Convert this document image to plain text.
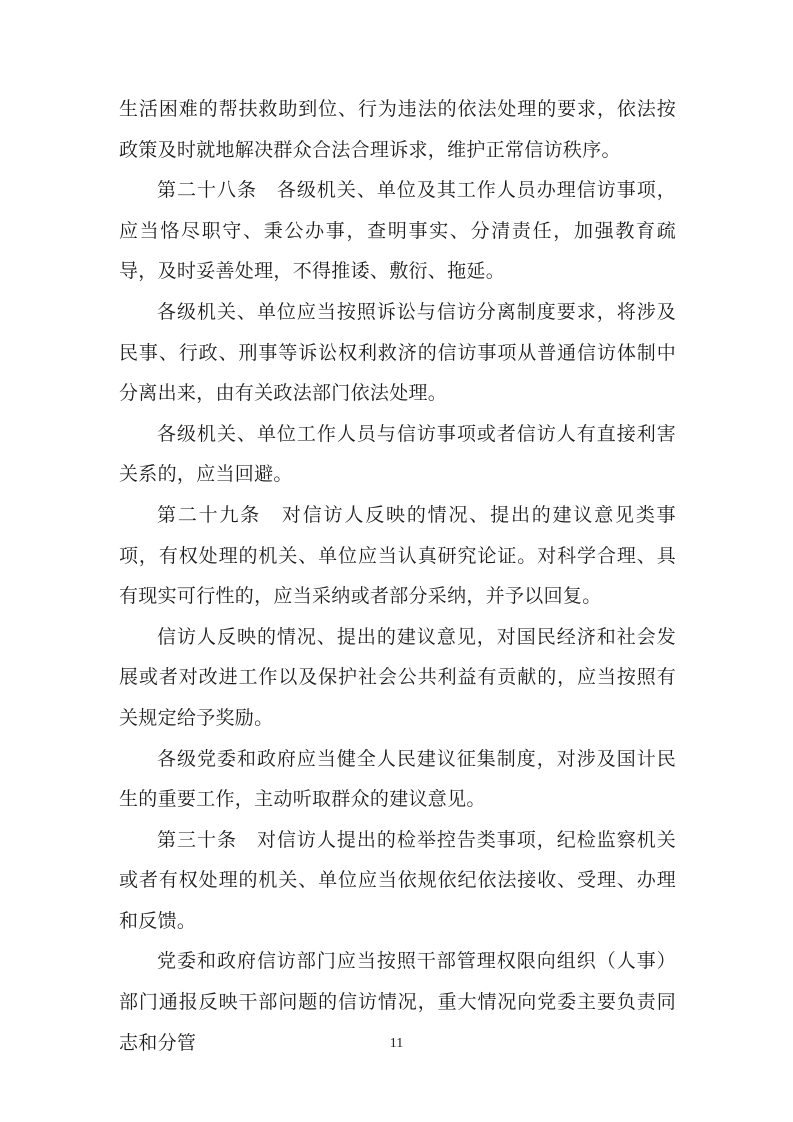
生活困难的帮扶救助到位、行为违法的依法处理的要求，依法按政策及时就地解决群众合法合理诉求，维护正常信访秩序。

第二十八条　各级机关、单位及其工作人员办理信访事项，应当恪尽职守、秉公办事，查明事实、分清责任，加强教育疏导，及时妥善处理，不得推诿、敷衍、拖延。

各级机关、单位应当按照诉讼与信访分离制度要求，将涉及民事、行政、刑事等诉讼权利救济的信访事项从普通信访体制中分离出来，由有关政法部门依法处理。

各级机关、单位工作人员与信访事项或者信访人有直接利害关系的，应当回避。

第二十九条　对信访人反映的情况、提出的建议意见类事项，有权处理的机关、单位应当认真研究论证。对科学合理、具有现实可行性的，应当采纳或者部分采纳，并予以回复。

信访人反映的情况、提出的建议意见，对国民经济和社会发展或者对改进工作以及保护社会公共利益有贡献的，应当按照有关规定给予奖励。

各级党委和政府应当健全人民建议征集制度，对涉及国计民生的重要工作，主动听取群众的建议意见。

第三十条　对信访人提出的检举控告类事项，纪检监察机关或者有权处理的机关、单位应当依规依纪依法接收、受理、办理和反馈。

党委和政府信访部门应当按照干部管理权限向组织（人事）部门通报反映干部问题的信访情况，重大情况向党委主要负责同志和分管	11
